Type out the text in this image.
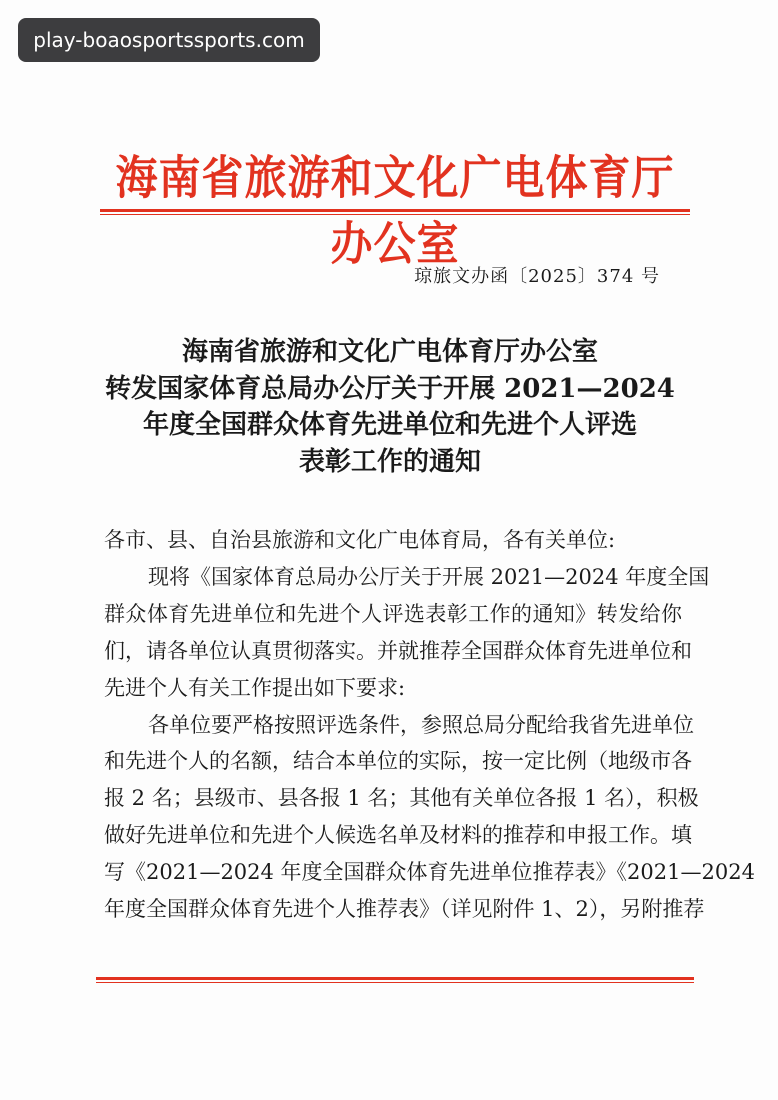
play-boaosportssports.com
海南省旅游和文化广电体育厅办公室
琼旅文办函〔2025〕374 号
海南省旅游和文化广电体育厅办公室
转发国家体育总局办公厅关于开展 2021—2024
年度全国群众体育先进单位和先进个人评选
表彰工作的通知
各市、县、自治县旅游和文化广电体育局，各有关单位:
现将《国家体育总局办公厅关于开展 2021—2024 年度全国
群众体育先进单位和先进个人评选表彰工作的通知》转发给你
们，请各单位认真贯彻落实。并就推荐全国群众体育先进单位和
先进个人有关工作提出如下要求:
各单位要严格按照评选条件，参照总局分配给我省先进单位
和先进个人的名额，结合本单位的实际，按一定比例（地级市各
报 2 名；县级市、县各报 1 名；其他有关单位各报 1 名），积极
做好先进单位和先进个人候选名单及材料的推荐和申报工作。填
写《2021—2024 年度全国群众体育先进单位推荐表》《2021—2024
年度全国群众体育先进个人推荐表》（详见附件 1、2），另附推荐
